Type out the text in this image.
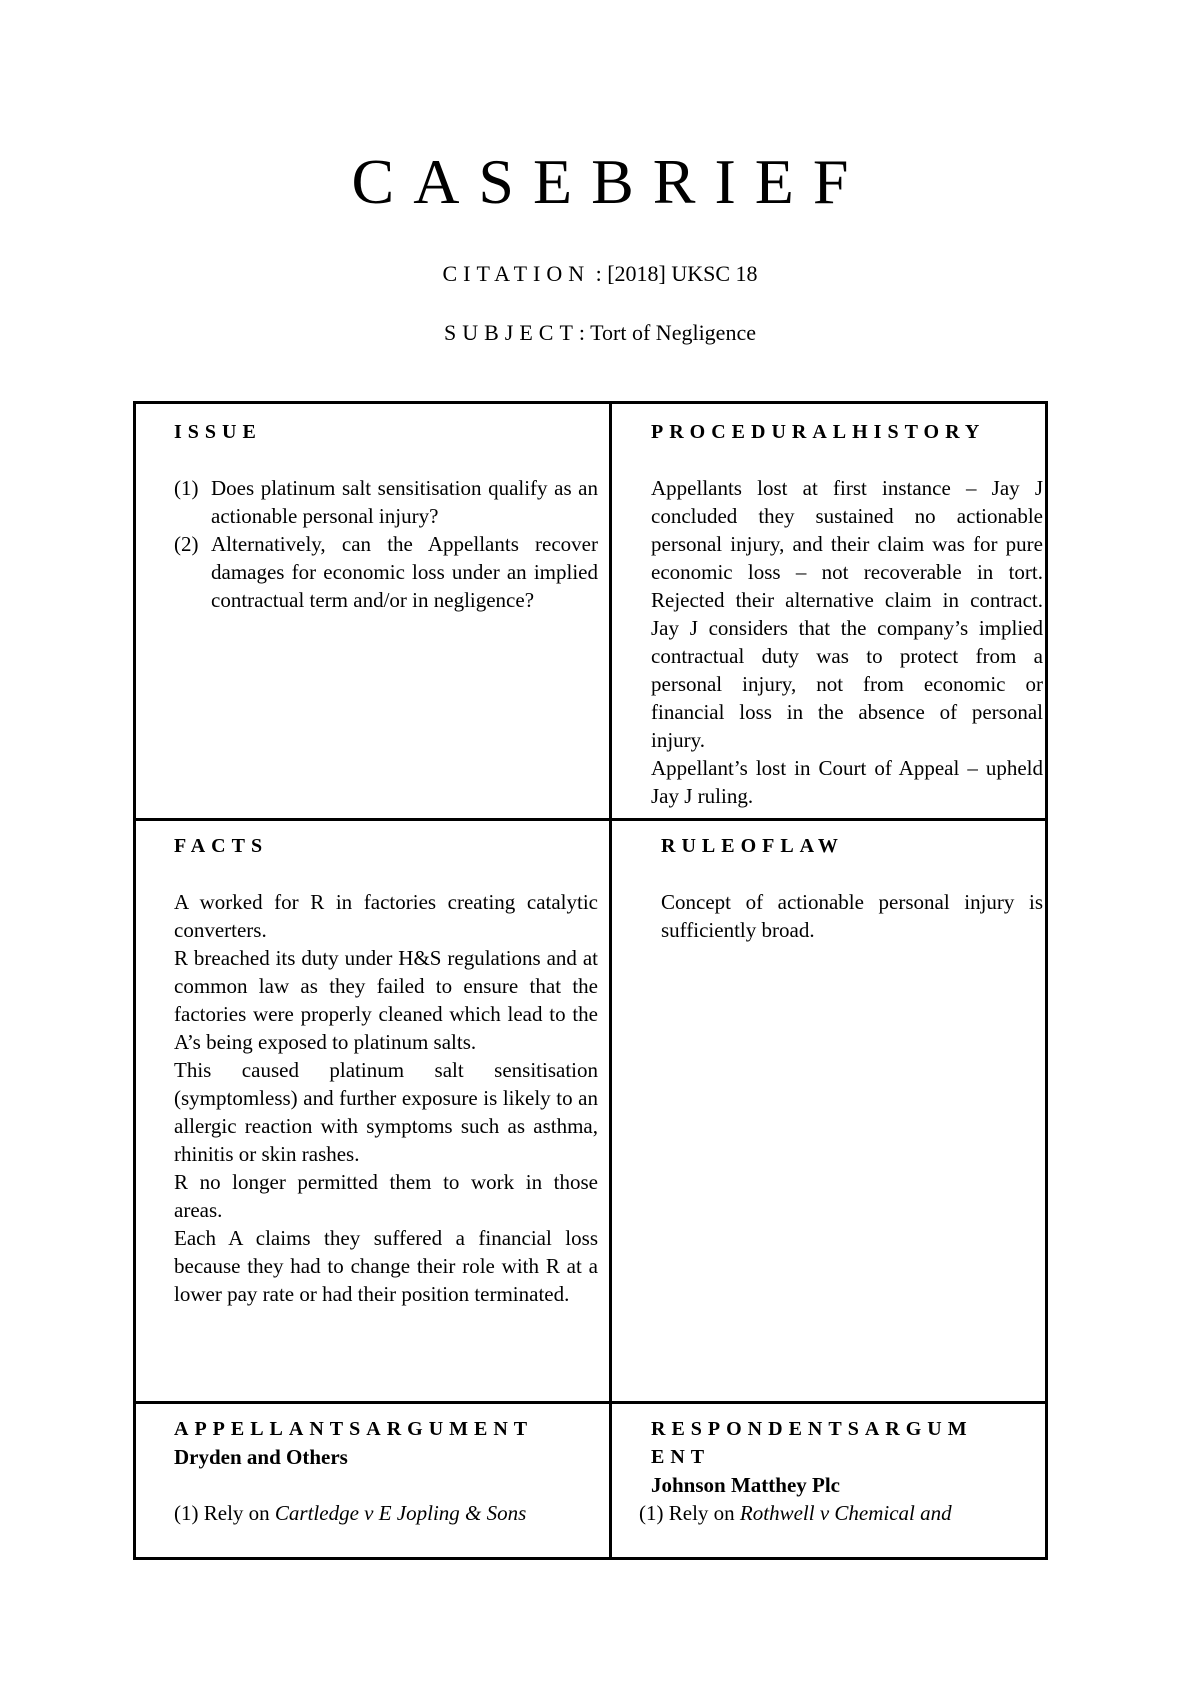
CASEBRIEF
CITATION : [2018] UKSC 18
SUBJECT: Tort of Negligence

ISSUE

(1) Does platinum salt sensitisation qualify as an actionable personal injury?
(2) Alternatively, can the Appellants recover damages for economic loss under an implied contractual term and/or in negligence?

PROCEDURALHISTORY

Appellants lost at first instance – Jay J concluded they sustained no actionable personal injury, and their claim was for pure economic loss – not recoverable in tort. Rejected their alternative claim in contract. Jay J considers that the company’s implied contractual duty was to protect from a personal injury, not from economic or financial loss in the absence of personal injury.

Appellant’s lost in Court of Appeal – upheld Jay J ruling.

FACTS

A worked for R in factories creating catalytic converters.

R breached its duty under H&S regulations and at common law as they failed to ensure that the factories were properly cleaned which lead to the A’s being exposed to platinum salts.

This caused platinum salt sensitisation (symptomless) and further exposure is likely to an allergic reaction with symptoms such as asthma, rhinitis or skin rashes.

R no longer permitted them to work in those areas.

Each A claims they suffered a financial loss because they had to change their role with R at a lower pay rate or had their position terminated.

RULEOFLAW

Concept of actionable personal injury is sufficiently broad.

APPELLANTSARGUMENT

Dryden and Others

(1) Rely on Cartledge v E Jopling & Sons

RESPONDENTSARGUM

ENT

Johnson Matthey Plc

(1) Rely on Rothwell v Chemical and
